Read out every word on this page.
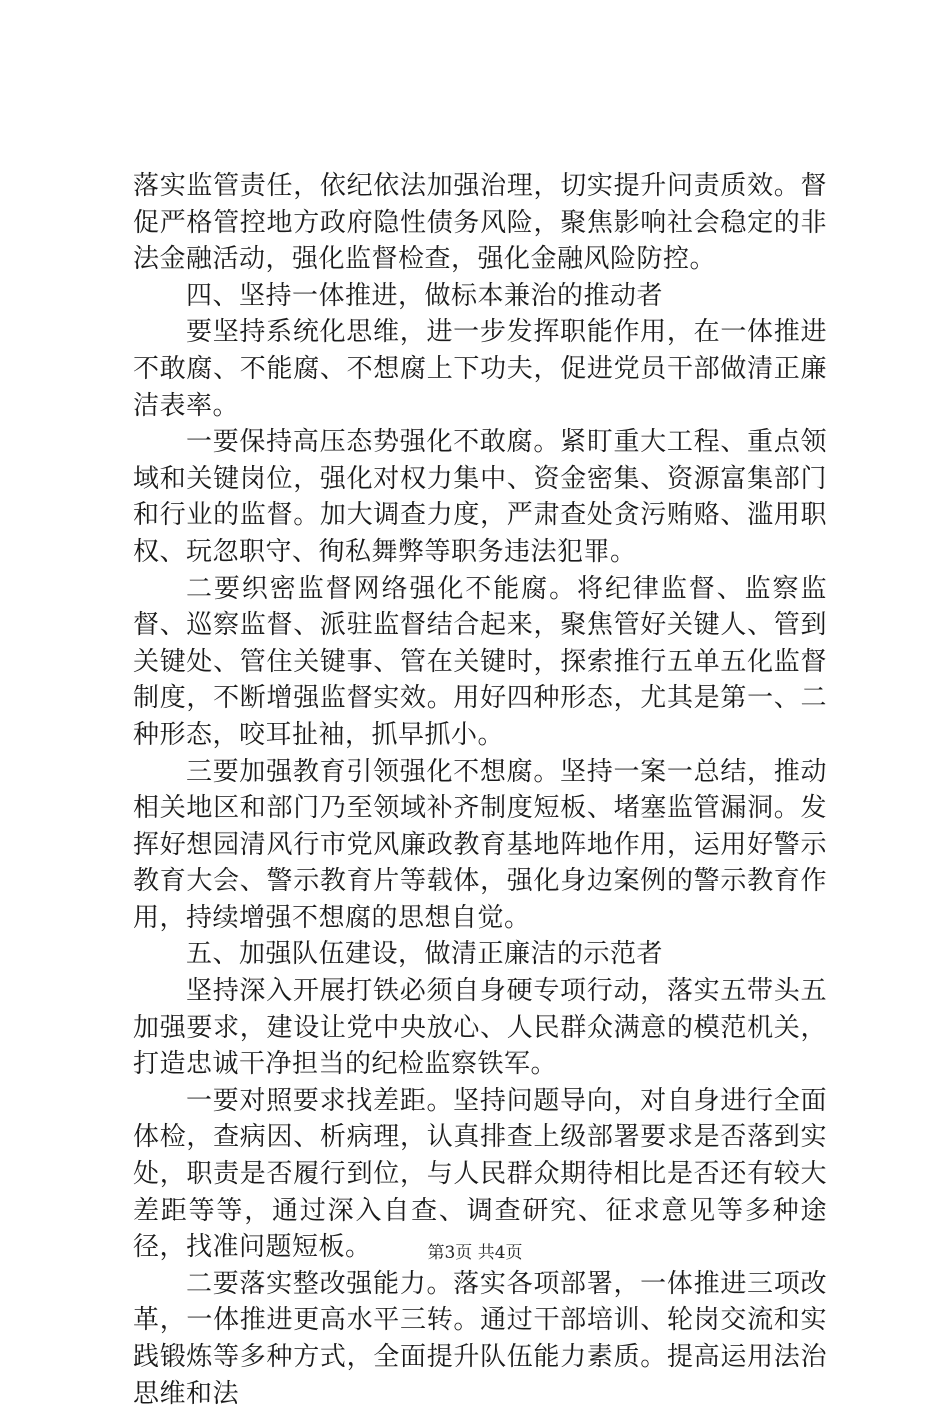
落实监管责任，依纪依法加强治理，切实提升问责质效。督促严格管控地方政府隐性债务风险，聚焦影响社会稳定的非法金融活动，强化监督检查，强化金融风险防控。

四、坚持一体推进，做标本兼治的推动者

要坚持系统化思维，进一步发挥职能作用，在一体推进不敢腐、不能腐、不想腐上下功夫，促进党员干部做清正廉洁表率。

一要保持高压态势强化不敢腐。紧盯重大工程、重点领域和关键岗位，强化对权力集中、资金密集、资源富集部门和行业的监督。加大调查力度，严肃查处贪污贿赂、滥用职权、玩忽职守、徇私舞弊等职务违法犯罪。

二要织密监督网络强化不能腐。将纪律监督、监察监督、巡察监督、派驻监督结合起来，聚焦管好关键人、管到关键处、管住关键事、管在关键时，探索推行五单五化监督制度，不断增强监督实效。用好四种形态，尤其是第一、二种形态，咬耳扯袖，抓早抓小。

三要加强教育引领强化不想腐。坚持一案一总结，推动相关地区和部门乃至领域补齐制度短板、堵塞监管漏洞。发挥好想园清风行市党风廉政教育基地阵地作用，运用好警示教育大会、警示教育片等载体，强化身边案例的警示教育作用，持续增强不想腐的思想自觉。

五、加强队伍建设，做清正廉洁的示范者

坚持深入开展打铁必须自身硬专项行动，落实五带头五加强要求，建设让党中央放心、人民群众满意的模范机关，打造忠诚干净担当的纪检监察铁军。

一要对照要求找差距。坚持问题导向，对自身进行全面体检，查病因、析病理，认真排查上级部署要求是否落到实处，职责是否履行到位，与人民群众期待相比是否还有较大差距等等，通过深入自查、调查研究、征求意见等多种途径，找准问题短板。

二要落实整改强能力。落实各项部署，一体推进三项改革，一体推进更高水平三转。通过干部培训、轮岗交流和实践锻炼等多种方式，全面提升队伍能力素质。提高运用法治思维和法

第3页 共4页
